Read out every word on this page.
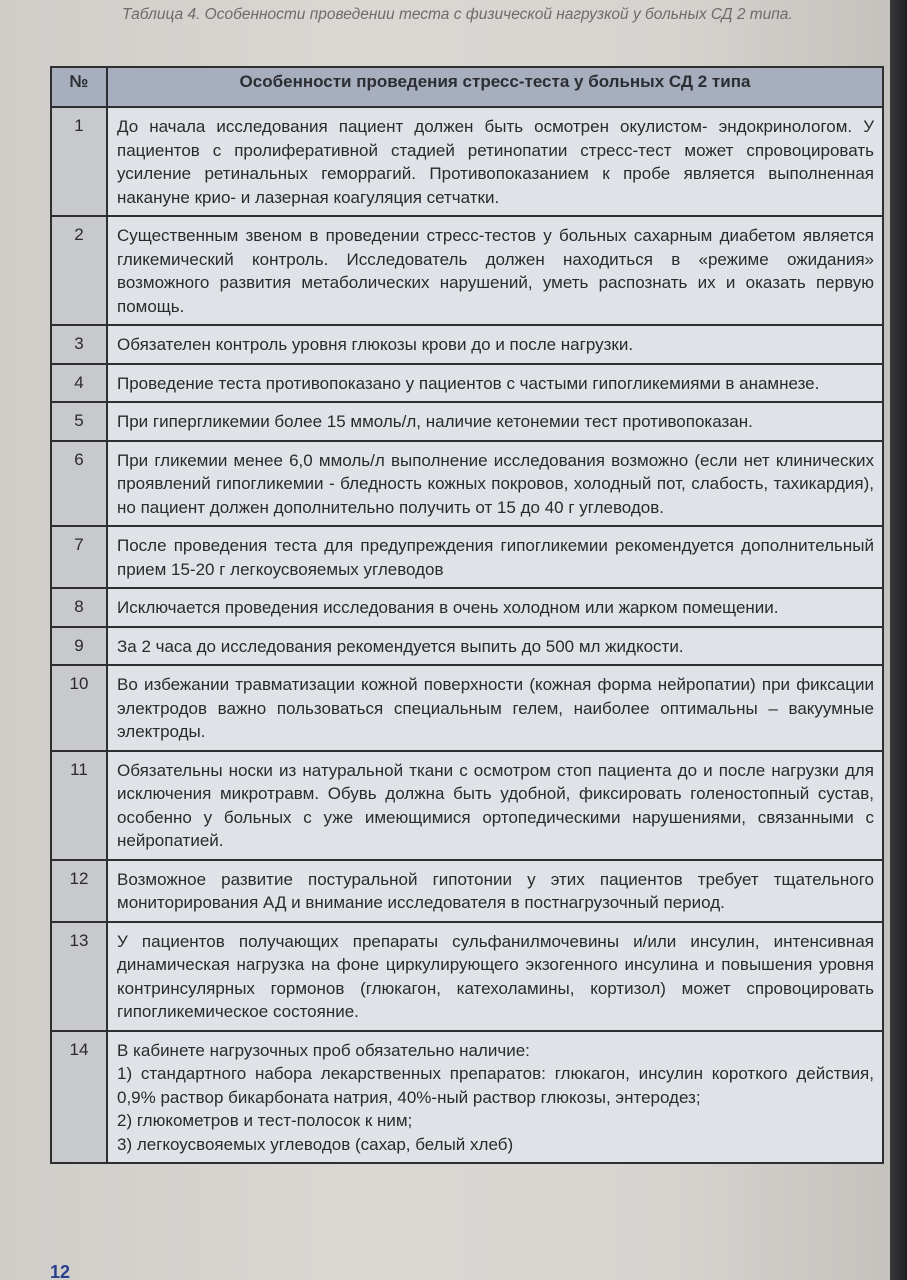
Таблица 4. Особенности проведении теста с физической нагрузкой у больных СД 2 типа.
№	Особенности проведения стресс-теста у больных СД 2 типа
1	До начала исследования пациент должен быть осмотрен окулистом- эндокринологом. У пациентов с пролиферативной стадией ретинопатии стресс-тест может спровоцировать усиление ретинальных геморрагий. Противопоказанием к пробе является выполненная накануне крио- и лазерная коагуляция сетчатки.
2	Существенным звеном в проведении стресс-тестов у больных сахарным диабетом является гликемический контроль. Исследователь должен находиться в «режиме ожидания» возможного развития метаболических нарушений, уметь распознать их и оказать первую помощь.
3	Обязателен контроль уровня глюкозы крови до и после нагрузки.
4	Проведение теста противопоказано у пациентов с частыми гипогликемиями в анамнезе.
5	При гипергликемии более 15 ммоль/л, наличие кетонемии тест противопоказан.
6	При гликемии менее 6,0 ммоль/л выполнение исследования возможно (если нет клинических проявлений гипогликемии - бледность кожных покровов, холодный пот, слабость, тахикардия), но пациент должен дополнительно получить от 15 до 40 г углеводов.
7	После проведения теста для предупреждения гипогликемии рекомендуется дополнительный прием 15-20 г легкоусвояемых углеводов
8	Исключается проведения исследования в очень холодном или жарком помещении.
9	За 2 часа до исследования рекомендуется выпить до 500 мл жидкости.
10	Во избежании травматизации кожной поверхности (кожная форма нейропатии) при фиксации электродов важно пользоваться специальным гелем, наиболее оптимальны – вакуумные электроды.
11	Обязательны носки из натуральной ткани с осмотром стоп пациента до и после нагрузки для исключения микротравм. Обувь должна быть удобной, фиксировать голеностопный сустав, особенно у больных с уже имеющимися ортопедическими нарушениями, связанными с нейропатией.
12	Возможное развитие постуральной гипотонии у этих пациентов требует тщательного мониторирования АД и внимание исследователя в постнагрузочный период.
13	У пациентов получающих препараты сульфанилмочевины и/или инсулин, интенсивная динамическая нагрузка на фоне циркулирующего экзогенного инсулина и повышения уровня контринсулярных гормонов (глюкагон, катехоламины, кортизол) может спровоцировать гипогликемическое состояние.
14	В кабинете нагрузочных проб обязательно наличие:
1) стандартного набора лекарственных препаратов: глюкагон, инсулин короткого действия, 0,9% раствор бикарбоната натрия, 40%-ный раствор глюкозы, энтеродез;
2) глюкометров и тест-полосок к ним;
3) легкоусвояемых углеводов (сахар, белый хлеб)
12
